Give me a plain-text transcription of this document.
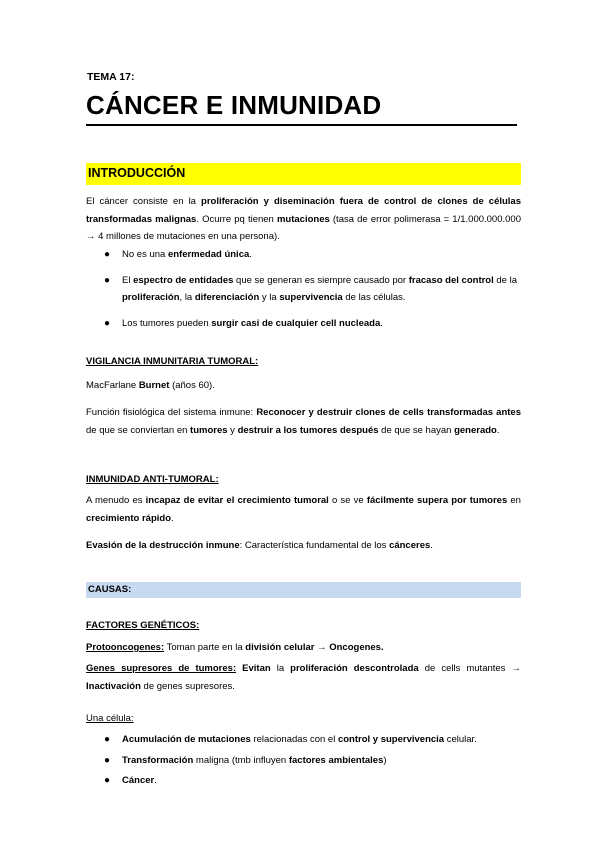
TEMA 17:
CÁNCER E INMUNIDAD
INTRODUCCIÓN
El cáncer consiste en la proliferación y diseminación fuera de control de clones de células transformadas malignas. Ocurre pq tienen mutaciones (tasa de error polimerasa = 1/1.000.000.000 → 4 millones de mutaciones en una persona).
● No es una enfermedad única.
● El espectro de entidades que se generan es siempre causado por fracaso del control de la proliferación, la diferenciación y la supervivencia de las células.
● Los tumores pueden surgir casi de cualquier cell nucleada.
VIGILANCIA INMUNITARIA TUMORAL:
MacFarlane Burnet (años 60).
Función fisiológica del sistema inmune: Reconocer y destruir clones de cells transformadas antes de que se conviertan en tumores y destruir a los tumores después de que se hayan generado.
INMUNIDAD ANTI-TUMORAL:
A menudo es incapaz de evitar el crecimiento tumoral o se ve fácilmente supera por tumores en crecimiento rápido.
Evasión de la destrucción inmune: Característica fundamental de los cánceres.
CAUSAS:
FACTORES GENÉTICOS:
Protooncogenes: Toman parte en la división celular → Oncogenes.
Genes supresores de tumores: Evitan la proliferación descontrolada de cells mutantes → Inactivación de genes supresores.
Una célula:
● Acumulación de mutaciones relacionadas con el control y supervivencia celular.
● Transformación maligna (tmb influyen factores ambientales)
● Cáncer.
